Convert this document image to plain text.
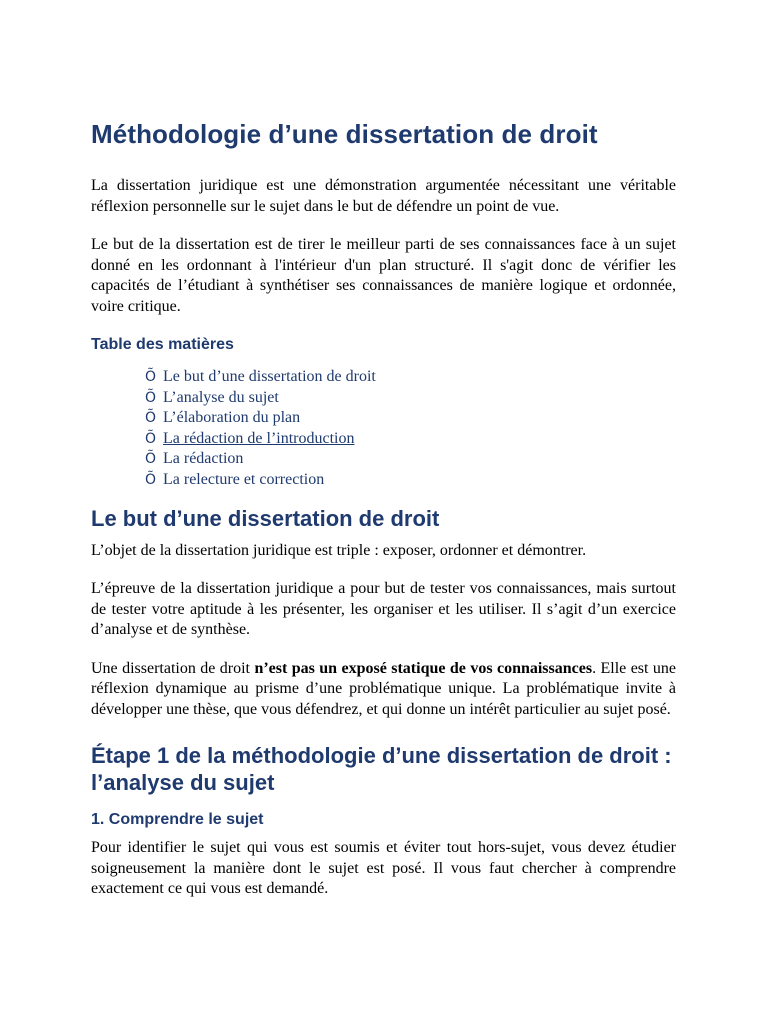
Méthodologie d’une dissertation de droit

La dissertation juridique est une démonstration argumentée nécessitant une véritable réflexion personnelle sur le sujet dans le but de défendre un point de vue.

Le but de la dissertation est de tirer le meilleur parti de ses connaissances face à un sujet donné en les ordonnant à l'intérieur d'un plan structuré. Il s'agit donc de vérifier les capacités de l’étudiant à synthétiser ses connaissances de manière logique et ordonnée, voire critique.

Table des matières
Õ Le but d’une dissertation de droit
Õ L’analyse du sujet
Õ L’élaboration du plan
Õ La rédaction de l’introduction
Õ La rédaction
Õ La relecture et correction
Le but d’une dissertation de droit

L’objet de la dissertation juridique est triple : exposer, ordonner et démontrer.

L’épreuve de la dissertation juridique a pour but de tester vos connaissances, mais surtout de tester votre aptitude à les présenter, les organiser et les utiliser. Il s’agit d’un exercice d’analyse et de synthèse.

Une dissertation de droit n’est pas un exposé statique de vos connaissances. Elle est une réflexion dynamique au prisme d’une problématique unique. La problématique invite à développer une thèse, que vous défendrez, et qui donne un intérêt particulier au sujet posé.

Étape 1 de la méthodologie d’une dissertation de droit : l’analyse du sujet
1. Comprendre le sujet

Pour identifier le sujet qui vous est soumis et éviter tout hors-sujet, vous devez étudier soigneusement la manière dont le sujet est posé. Il vous faut chercher à comprendre exactement ce qui vous est demandé.
